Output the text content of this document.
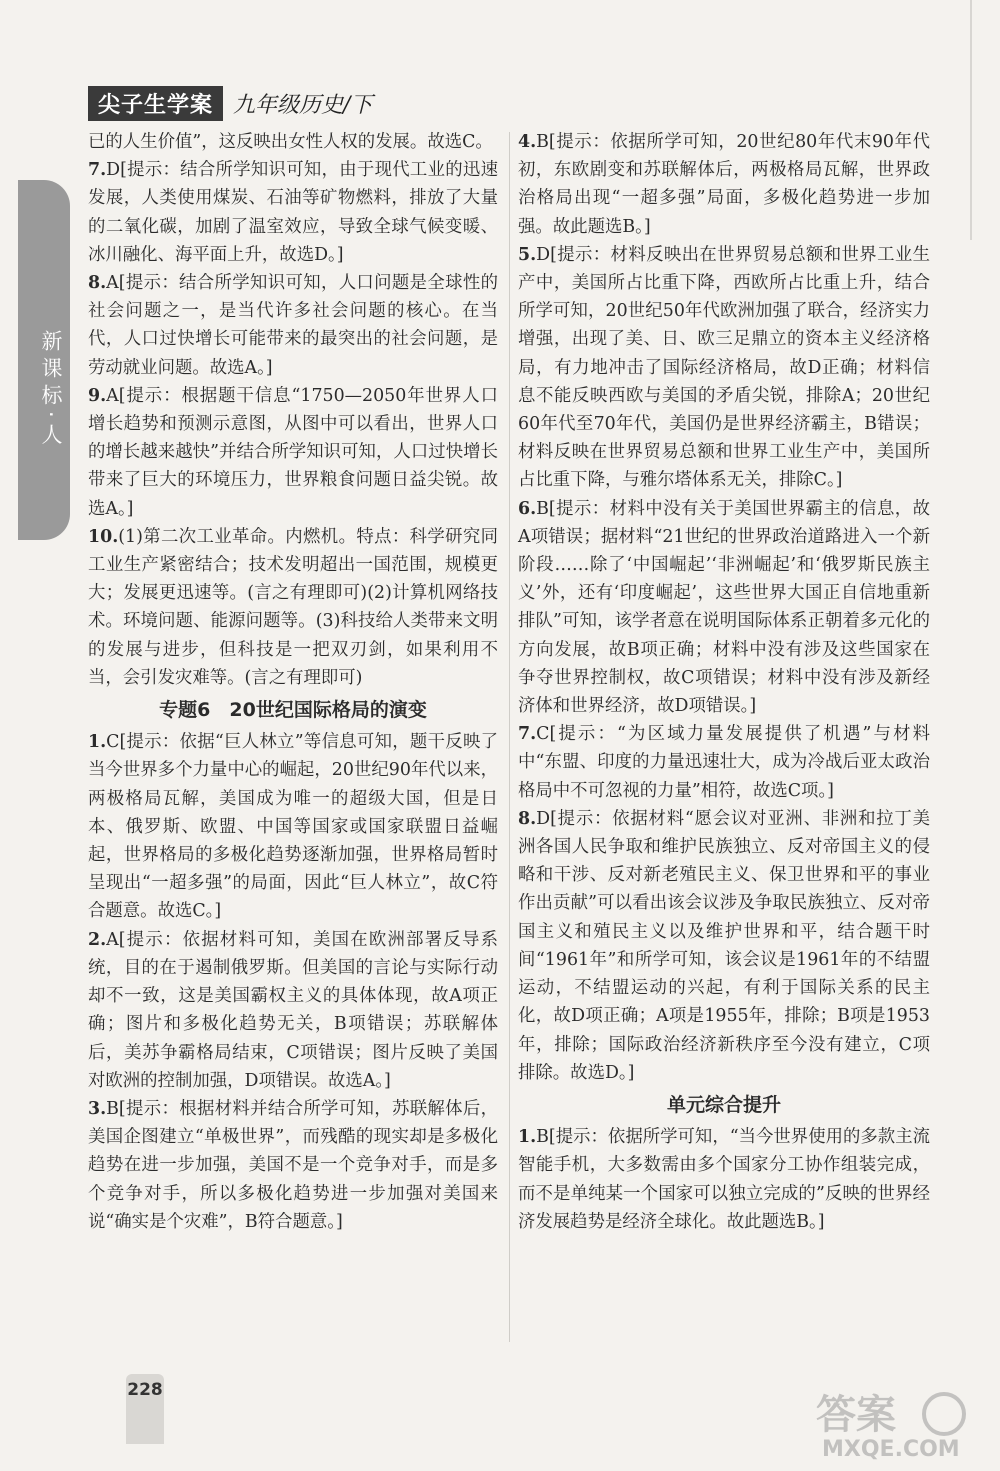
尖子生学案 九年级历史/下
新课标·人

已的人生价值”，这反映出女性人权的发展。故选C。

7.D[提示：结合所学知识可知，由于现代工业的迅速发展，人类使用煤炭、石油等矿物燃料，排放了大量的二氧化碳，加剧了温室效应，导致全球气候变暖、冰川融化、海平面上升，故选D。]

8.A[提示：结合所学知识可知，人口问题是全球性的社会问题之一，是当代许多社会问题的核心。在当代，人口过快增长可能带来的最突出的社会问题，是劳动就业问题。故选A。]

9.A[提示：根据题干信息“1750—2050年世界人口增长趋势和预测示意图，从图中可以看出，世界人口的增长越来越快”并结合所学知识可知，人口过快增长带来了巨大的环境压力，世界粮食问题日益尖锐。故选A。]

10.(1)第二次工业革命。内燃机。特点：科学研究同工业生产紧密结合；技术发明超出一国范围，规模更大；发展更迅速等。(言之有理即可)(2)计算机网络技术。环境问题、能源问题等。(3)科技给人类带来文明的发展与进步，但科技是一把双刃剑，如果利用不当，会引发灾难等。(言之有理即可)

专题6　20世纪国际格局的演变

1.C[提示：依据“巨人林立”等信息可知，题干反映了当今世界多个力量中心的崛起，20世纪90年代以来，两极格局瓦解，美国成为唯一的超级大国，但是日本、俄罗斯、欧盟、中国等国家或国家联盟日益崛起，世界格局的多极化趋势逐渐加强，世界格局暂时呈现出“一超多强”的局面，因此“巨人林立”，故C符合题意。故选C。]

2.A[提示：依据材料可知，美国在欧洲部署反导系统，目的在于遏制俄罗斯。但美国的言论与实际行动却不一致，这是美国霸权主义的具体体现，故A项正确；图片和多极化趋势无关，B项错误；苏联解体后，美苏争霸格局结束，C项错误；图片反映了美国对欧洲的控制加强，D项错误。故选A。]

3.B[提示：根据材料并结合所学可知，苏联解体后，美国企图建立“单极世界”，而残酷的现实却是多极化趋势在进一步加强，美国不是一个竞争对手，而是多个竞争对手，所以多极化趋势进一步加强对美国来说“确实是个灾难”，B符合题意。]

4.B[提示：依据所学可知，20世纪80年代末90年代初，东欧剧变和苏联解体后，两极格局瓦解，世界政治格局出现“一超多强”局面，多极化趋势进一步加强。故此题选B。]

5.D[提示：材料反映出在世界贸易总额和世界工业生产中，美国所占比重下降，西欧所占比重上升，结合所学可知，20世纪50年代欧洲加强了联合，经济实力增强，出现了美、日、欧三足鼎立的资本主义经济格局，有力地冲击了国际经济格局，故D正确；材料信息不能反映西欧与美国的矛盾尖锐，排除A；20世纪60年代至70年代，美国仍是世界经济霸主，B错误；材料反映在世界贸易总额和世界工业生产中，美国所占比重下降，与雅尔塔体系无关，排除C。]

6.B[提示：材料中没有关于美国世界霸主的信息，故A项错误；据材料“21世纪的世界政治道路进入一个新阶段……除了‘中国崛起’‘非洲崛起’和‘俄罗斯民族主义’外，还有‘印度崛起’，这些世界大国正自信地重新排队”可知，该学者意在说明国际体系正朝着多元化的方向发展，故B项正确；材料中没有涉及这些国家在争夺世界控制权，故C项错误；材料中没有涉及新经济体和世界经济，故D项错误。]

7.C[提示：“为区域力量发展提供了机遇”与材料中“东盟、印度的力量迅速壮大，成为冷战后亚太政治格局中不可忽视的力量”相符，故选C项。]

8.D[提示：依据材料“愿会议对亚洲、非洲和拉丁美洲各国人民争取和维护民族独立、反对帝国主义的侵略和干涉、反对新老殖民主义、保卫世界和平的事业作出贡献”可以看出该会议涉及争取民族独立、反对帝国主义和殖民主义以及维护世界和平，结合题干时间“1961年”和所学可知，该会议是1961年的不结盟运动，不结盟运动的兴起，有利于国际关系的民主化，故D项正确；A项是1955年，排除；B项是1953年，排除；国际政治经济新秩序至今没有建立，C项排除。故选D。]

单元综合提升

1.B[提示：依据所学可知，“当今世界使用的多款主流智能手机，大多数需由多个国家分工协作组装完成，而不是单纯某一个国家可以独立完成的”反映的世界经济发展趋势是经济全球化。故此题选B。]

228
答案
MXQE.COM
